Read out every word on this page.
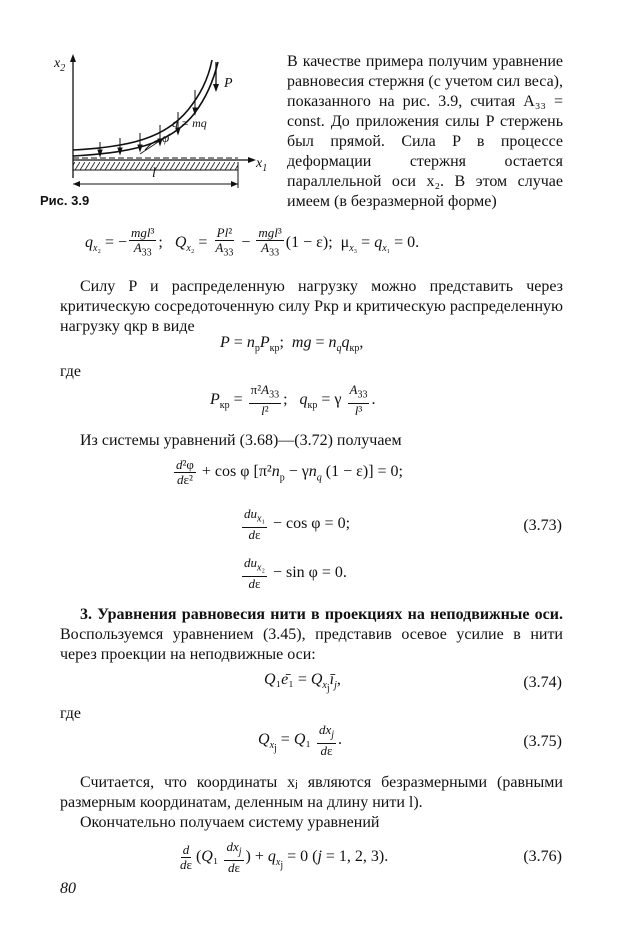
$x_2$
$x_1$
P
q = mq
φ
l
Рис. 3.9
В качестве примера получим уравнение равновесия стержня (с учетом сил веса), показанного на рис. 3.9, считая A₃₃ = const. До приложения силы P стержень был прямой. Сила P в процессе деформации стержня остается параллельной оси x₂. В этом случае имеем (в безразмерной форме)
$q_{x_2}$ = − $\frac{\text{mgl³}}{A_{33}}$ ;   $Q_{x_2} = \frac{\text{Pl²}}{A_{33}} - \frac{\text{mgl³}}{A_{33}} (1 - \varepsilon)$;  $\mu_{x_3} = q_{x_1} = 0$.
Силу P и распределенную нагрузку можно представить через критическую сосредоточенную силу Pкр и критическую распределенную нагрузку qкр в виде
$P = n_рP_{кр}$;  mg = $n_qq_{кр}$,
где
$P_{кр} = \frac{\pi^2A_{33}}{\text{l²}}$ ;   $q_{кр} = \gamma \frac{A_{33}}{\text{l³}}$ .
Из системы уравнений (3.68)—(3.72) получаем
$\frac{\text{d²φ}}{\text{dε²}} + \cos \varphi$ [$\pi^2n_р - \gamma n_q$ (1 − ε)] = 0;
$\frac{du_{x_1}}{d\varepsilon} - \cos \varphi = 0$;	(3.73)
$\frac{du_{x_2}}{d\varepsilon} - \sin \varphi = 0$.
3. Уравнения равновесия нити в проекциях на неподвижные оси. Воспользуемся уравнением (3.45), представив осевое усилие в нити через проекции на неподвижные оси:
Q₁ē₁ = $Q_{x_j}ī_j$,	(3.74)
где
$Q_{x_j} = Q_1 \frac{dx_j}{d\varepsilon}$ .	(3.75)
Считается, что координаты xⱼ являются безразмерными (равными размерным координатам, деленным на длину нити l).
Окончательно получаем систему уравнений
$\frac{d}{d\varepsilon} (Q_1 \frac{dx_j}{d\varepsilon}$ ) + $q_{x_j} = 0$ (j = 1, 2, 3).	(3.76)
80
